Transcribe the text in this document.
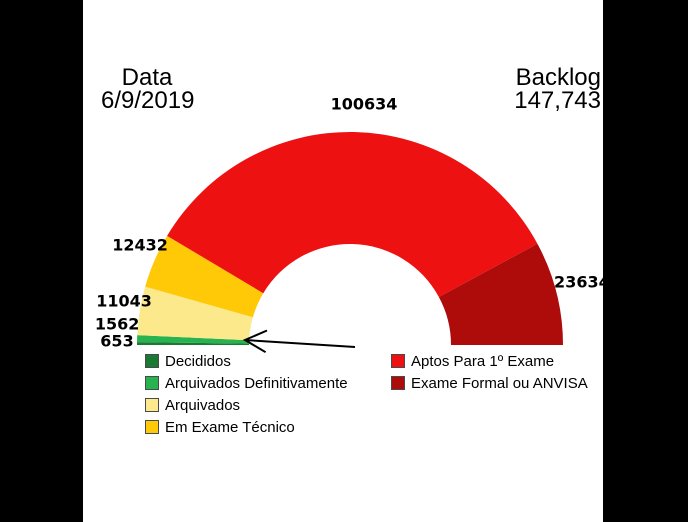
Data
6/9/2019
Backlog
147,743
653
1562
11043
12432
100634
23634
Decididos
Arquivados Definitivamente
Arquivados
Em Exame Técnico
Aptos Para 1º Exame
Exame Formal ou ANVISA
